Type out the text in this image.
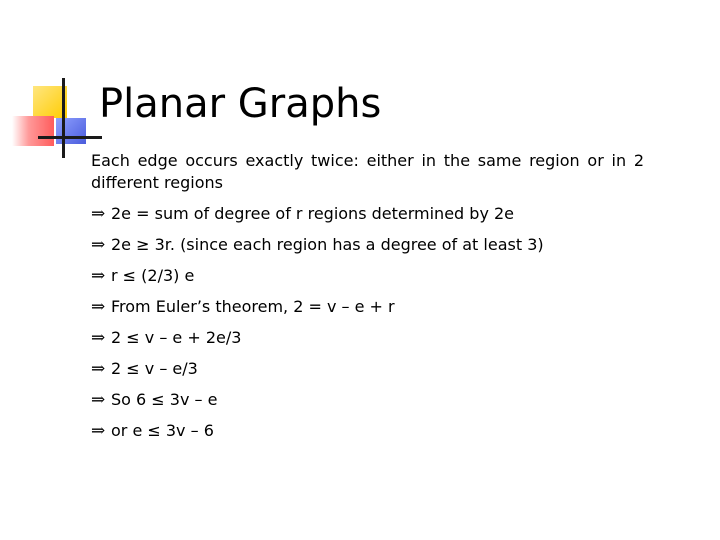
Planar Graphs
Each edge occurs exactly twice: either in the same region or in 2 different regions
⇒ 2e = sum of degree of r regions determined by 2e
⇒ 2e ≥ 3r. (since each region has a degree of at least 3)
⇒ r ≤ (2/3) e
⇒ From Euler’s theorem, 2 = v – e + r
⇒ 2 ≤ v – e + 2e/3
⇒ 2 ≤ v – e/3
⇒ So 6 ≤ 3v – e
⇒ or e ≤ 3v – 6
